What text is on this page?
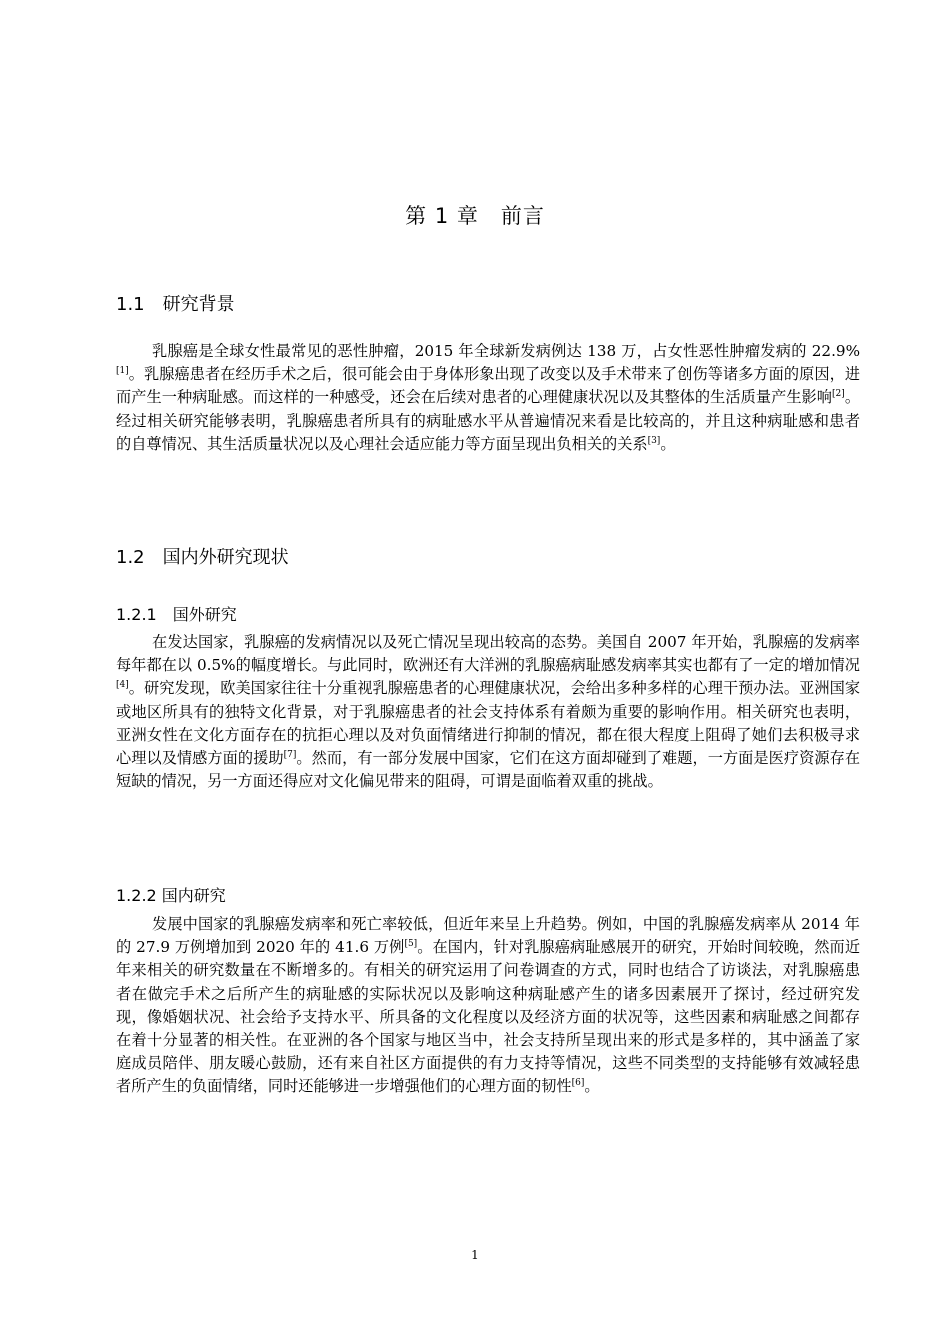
第 1 章　前言
1.1　研究背景

乳腺癌是全球女性最常见的恶性肿瘤，2015 年全球新发病例达 138 万，占女性恶性肿瘤发病的 22.9%[1]。乳腺癌患者在经历手术之后，很可能会由于身体形象出现了改变以及手术带来了创伤等诸多方面的原因，进而产生一种病耻感。而这样的一种感受，还会在后续对患者的心理健康状况以及其整体的生活质量产生影响[2]。经过相关研究能够表明，乳腺癌患者所具有的病耻感水平从普遍情况来看是比较高的，并且这种病耻感和患者的自尊情况、其生活质量状况以及心理社会适应能力等方面呈现出负相关的关系[3]。

1.2　国内外研究现状
1.2.1　国外研究

在发达国家，乳腺癌的发病情况以及死亡情况呈现出较高的态势。美国自 2007 年开始，乳腺癌的发病率每年都在以 0.5%的幅度增长。与此同时，欧洲还有大洋洲的乳腺癌病耻感发病率其实也都有了一定的增加情况[4]。研究发现，欧美国家往往十分重视乳腺癌患者的心理健康状况，会给出多种多样的心理干预办法。亚洲国家或地区所具有的独特文化背景，对于乳腺癌患者的社会支持体系有着颇为重要的影响作用。相关研究也表明，亚洲女性在文化方面存在的抗拒心理以及对负面情绪进行抑制的情况，都在很大程度上阻碍了她们去积极寻求心理以及情感方面的援助[7]。然而，有一部分发展中国家，它们在这方面却碰到了难题，一方面是医疗资源存在短缺的情况，另一方面还得应对文化偏见带来的阻碍，可谓是面临着双重的挑战。

1.2.2 国内研究

发展中国家的乳腺癌发病率和死亡率较低，但近年来呈上升趋势。例如，中国的乳腺癌发病率从 2014 年的 27.9 万例增加到 2020 年的 41.6 万例[5]。在国内，针对乳腺癌病耻感展开的研究，开始时间较晚，然而近年来相关的研究数量在不断增多的。有相关的研究运用了问卷调查的方式，同时也结合了访谈法，对乳腺癌患者在做完手术之后所产生的病耻感的实际状况以及影响这种病耻感产生的诸多因素展开了探讨，经过研究发现，像婚姻状况、社会给予支持水平、所具备的文化程度以及经济方面的状况等，这些因素和病耻感之间都存在着十分显著的相关性。在亚洲的各个国家与地区当中，社会支持所呈现出来的形式是多样的，其中涵盖了家庭成员陪伴、朋友暖心鼓励，还有来自社区方面提供的有力支持等情况，这些不同类型的支持能够有效减轻患者所产生的负面情绪，同时还能够进一步增强他们的心理方面的韧性[6]。

1
